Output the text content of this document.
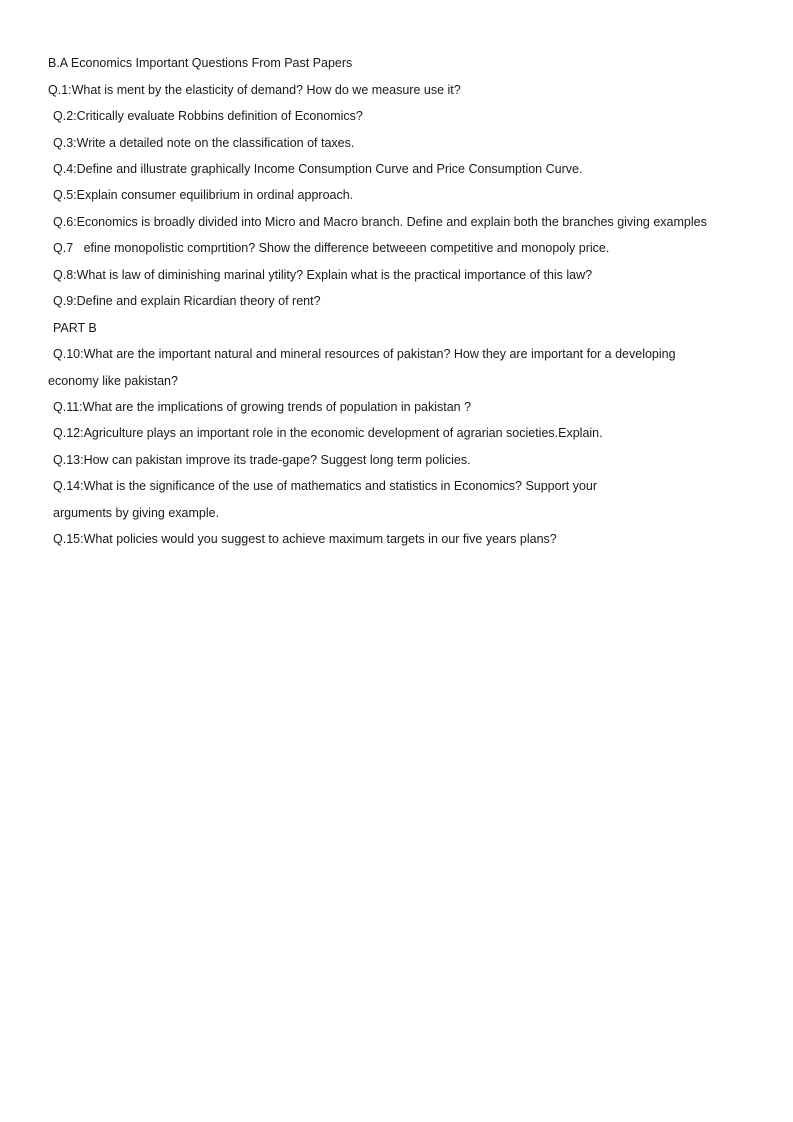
B.A Economics Important Questions From Past Papers
Q.1:What is ment by the elasticity of demand? How do we measure use it?
Q.2:Critically evaluate Robbins definition of Economics?
Q.3:Write a detailed note on the classification of taxes.
Q.4:Define and illustrate graphically Income Consumption Curve and Price Consumption Curve.
Q.5:Explain consumer equilibrium in ordinal approach.
Q.6:Economics is broadly divided into Micro and Macro branch. Define and explain both the branches giving examples
Q.7   efine monopolistic comprtition? Show the difference betweeen competitive and monopoly price.
Q.8:What is law of diminishing marinal ytility? Explain what is the practical importance of this law?
Q.9:Define and explain Ricardian theory of rent?
PART B
Q.10:What are the important natural and mineral resources of pakistan? How they are important for a developing
economy like pakistan?
Q.11:What are the implications of growing trends of population in pakistan ?
Q.12:Agriculture plays an important role in the economic development of agrarian societies.Explain.
Q.13:How can pakistan improve its trade-gape? Suggest long term policies.
Q.14:What is the significance of the use of mathematics and statistics in Economics? Support your
arguments by giving example.
Q.15:What policies would you suggest to achieve maximum targets in our five years plans?
